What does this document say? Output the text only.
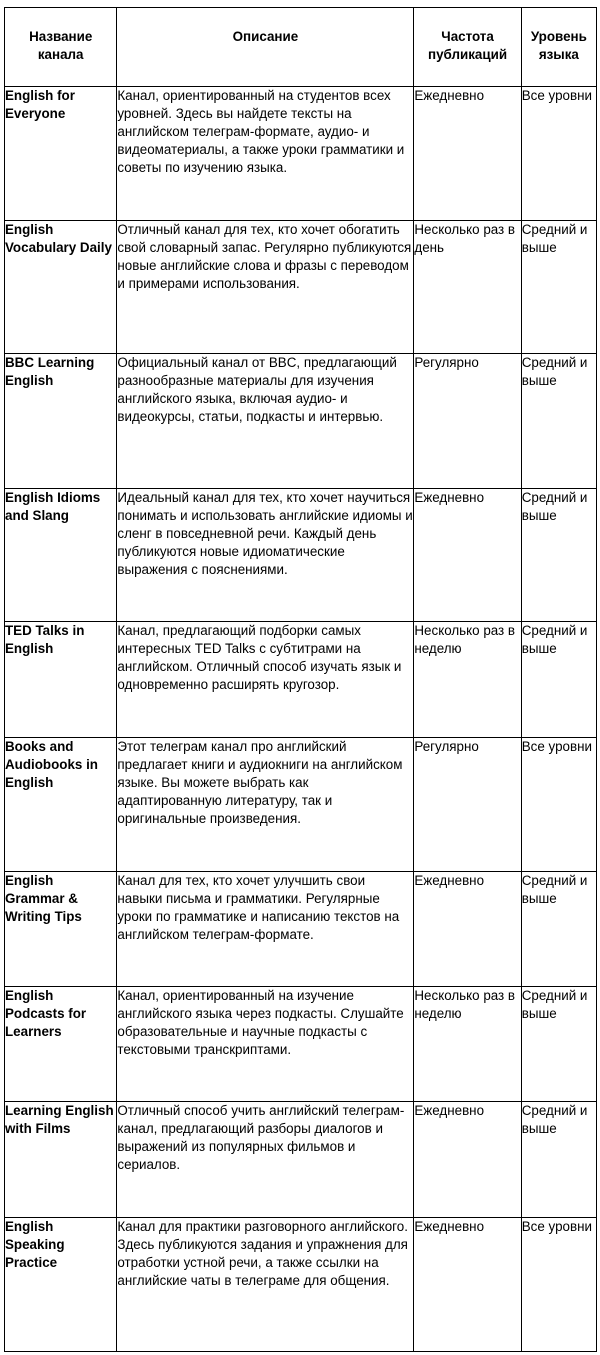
Название канала	Описание	Частота публикаций	Уровень языка
English for Everyone	Канал, ориентированный на студентов всех уровней. Здесь вы найдете тексты на английском телеграм-формате, аудио- и видеоматериалы, а также уроки грамматики и советы по изучению языка.	Ежедневно	Все уровни
English Vocabulary Daily	Отличный канал для тех, кто хочет обогатить свой словарный запас. Регулярно публикуются новые английские слова и фразы с переводом и примерами использования.	Несколько раз в день	Средний и выше
BBC Learning English	Официальный канал от BBC, предлагающий разнообразные материалы для изучения английского языка, включая аудио- и видеокурсы, статьи, подкасты и интервью.	Регулярно	Средний и выше
English Idioms and Slang	Идеальный канал для тех, кто хочет научиться понимать и использовать английские идиомы и сленг в повседневной речи. Каждый день публикуются новые идиоматические выражения с пояснениями.	Ежедневно	Средний и выше
TED Talks in English	Канал, предлагающий подборки самых интересных TED Talks с субтитрами на английском. Отличный способ изучать язык и одновременно расширять кругозор.	Несколько раз в неделю	Средний и выше
Books and Audiobooks in English	Этот телеграм канал про английский предлагает книги и аудиокниги на английском языке. Вы можете выбрать как адаптированную литературу, так и оригинальные произведения.	Регулярно	Все уровни
English Grammar & Writing Tips	Канал для тех, кто хочет улучшить свои навыки письма и грамматики. Регулярные уроки по грамматике и написанию текстов на английском телеграм-формате.	Ежедневно	Средний и выше
English Podcasts for Learners	Канал, ориентированный на изучение английского языка через подкасты. Слушайте образовательные и научные подкасты с текстовыми транскриптами.	Несколько раз в неделю	Средний и выше
Learning English with Films	Отличный способ учить английский телеграм-канал, предлагающий разборы диалогов и выражений из популярных фильмов и сериалов.	Ежедневно	Средний и выше
English Speaking Practice	Канал для практики разговорного английского. Здесь публикуются задания и упражнения для отработки устной речи, а также ссылки на английские чаты в телеграме для общения.	Ежедневно	Все уровни
